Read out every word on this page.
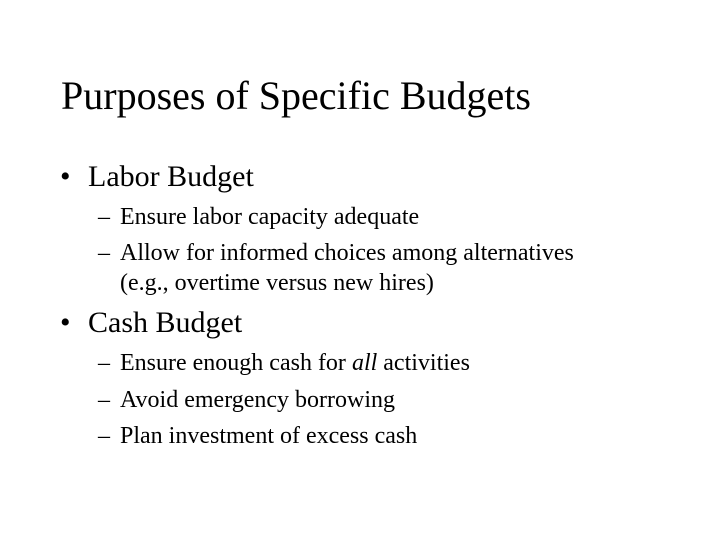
Purposes of Specific Budgets
• Labor Budget
– Ensure labor capacity adequate
– Allow for informed choices among alternatives
(e.g., overtime versus new hires)
• Cash Budget
– Ensure enough cash for all activities
– Avoid emergency borrowing
– Plan investment of excess cash
